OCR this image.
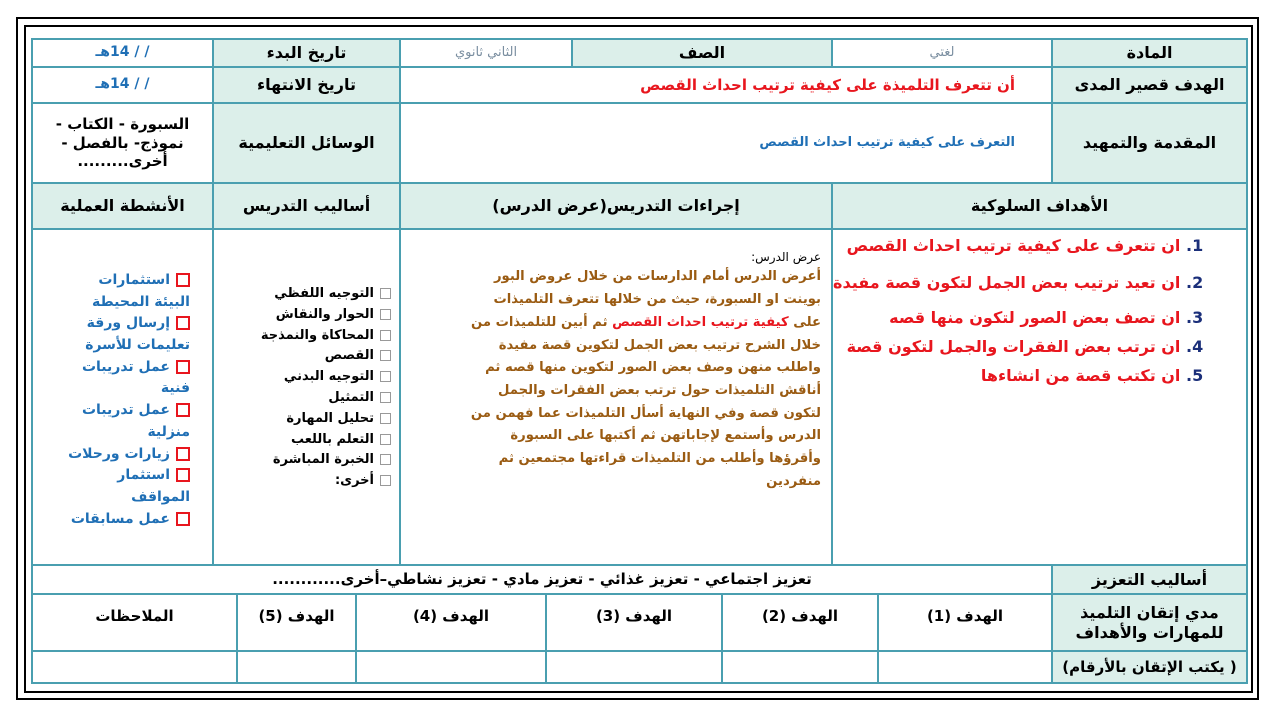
المادة
لغتي
الصف
الثاني ثانوي
تاريخ البدء
/ / 14هـ
الهدف قصير المدى
أن تتعرف التلميذة على كيفية ترتيب احداث القصص
تاريخ الانتهاء
/ / 14هـ
المقدمة والتمهيد
التعرف على كيفية ترتيب احداث القصص
الوسائل التعليمية
السبورة - الكتاب - نموذج- بالفصل - أخرى.........
الأهداف السلوكية
إجراءات التدريس(عرض الدرس)
أساليب التدريس
الأنشطة العملية
1. ان تتعرف على كيفية ترتيب احداث القصص
2. ان تعيد ترتيب بعض الجمل لتكون قصة مفيدة
3. ان تصف بعض الصور لتكون منها قصه
4. ان ترتب بعض الفقرات والجمل لتكون قصة
5. ان تكتب قصة من انشاءها
عرض الدرس:
أعرض الدرس أمام الدارسات من خلال عروض البور بوينت او السبورة، حيث من خلالها تتعرف التلميذات على كيفية ترتيب احداث القصص ثم أبين للتلميذات من خلال الشرح ترتيب بعض الجمل لتكوين قصة مفيدة واطلب منهن وصف بعض الصور لتكوين منها قصه ثم أناقش التلميذات حول ترتب بعض الفقرات والجمل لتكون قصة وفي النهاية أسأل التلميذات عما فهمن من الدرس وأستمع لإجاباتهن ثم أكتبها على السبورة وأقرؤها وأطلب من التلميذات قراءتها مجتمعين ثم منفردين
التوجيه اللفظي
الحوار والنقاش
المحاكاة والنمذجة
القصص
التوجيه البدني
التمثيل
تحليل المهارة
التعلم باللعب
الخبرة المباشرة
أخرى:
استثمارات البيئة المحيطة
إرسال ورقة تعليمات للأسرة
عمل تدريبات فنية
عمل تدريبات منزلية
زيارات ورحلات
استثمار المواقف
عمل مسابقات
أساليب التعزيز
تعزيز اجتماعي - تعزيز غذائي - تعزيز مادي - تعزيز نشاطي–أخرى............
مدي إتقان التلميذ للمهارات والأهداف
الهدف (1)
الهدف (2)
الهدف (3)
الهدف (4)
الهدف (5)
الملاحظات
( يكتب الإتقان بالأرقام)
